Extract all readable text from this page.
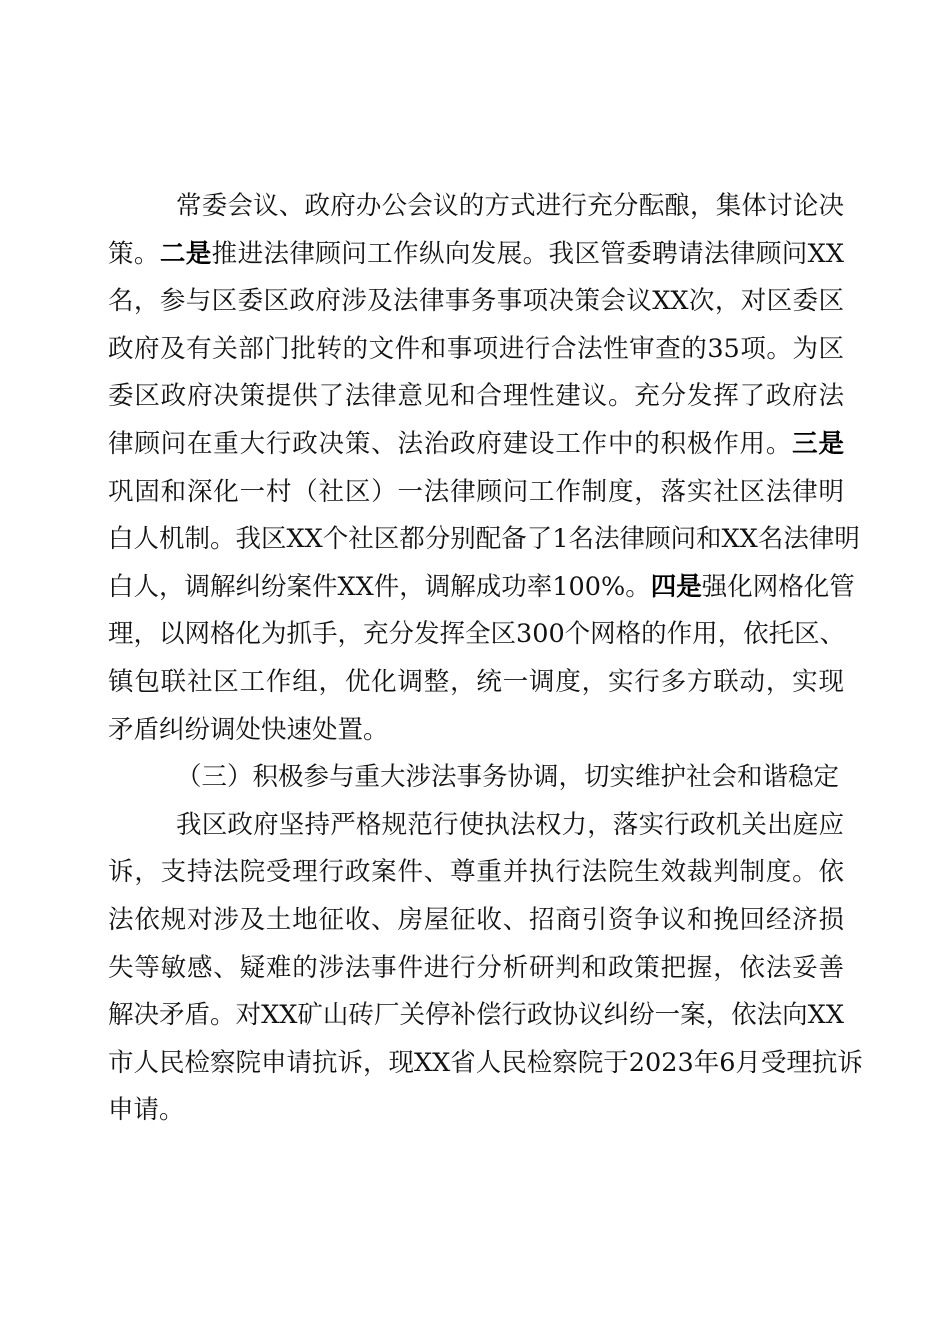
常委会议、政府办公会议的方式进行充分酝酿，集体讨论决
策。二是推进法律顾问工作纵向发展。我区管委聘请法律顾问XX
名，参与区委区政府涉及法律事务事项决策会议XX次，对区委区
政府及有关部门批转的文件和事项进行合法性审查的35项。为区
委区政府决策提供了法律意见和合理性建议。充分发挥了政府法
律顾问在重大行政决策、法治政府建设工作中的积极作用。三是
巩固和深化一村（社区）一法律顾问工作制度，落实社区法律明
白人机制。我区XX个社区都分别配备了1名法律顾问和XX名法律明
白人，调解纠纷案件XX件，调解成功率100%。四是强化网格化管
理，以网格化为抓手，充分发挥全区300个网格的作用，依托区、
镇包联社区工作组，优化调整，统一调度，实行多方联动，实现
矛盾纠纷调处快速处置。
（三）积极参与重大涉法事务协调，切实维护社会和谐稳定
我区政府坚持严格规范行使执法权力，落实行政机关出庭应
诉，支持法院受理行政案件、尊重并执行法院生效裁判制度。依
法依规对涉及土地征收、房屋征收、招商引资争议和挽回经济损
失等敏感、疑难的涉法事件进行分析研判和政策把握，依法妥善
解决矛盾。对XX矿山砖厂关停补偿行政协议纠纷一案，依法向XX
市人民检察院申请抗诉，现XX省人民检察院于2023年6月受理抗诉
申请。
